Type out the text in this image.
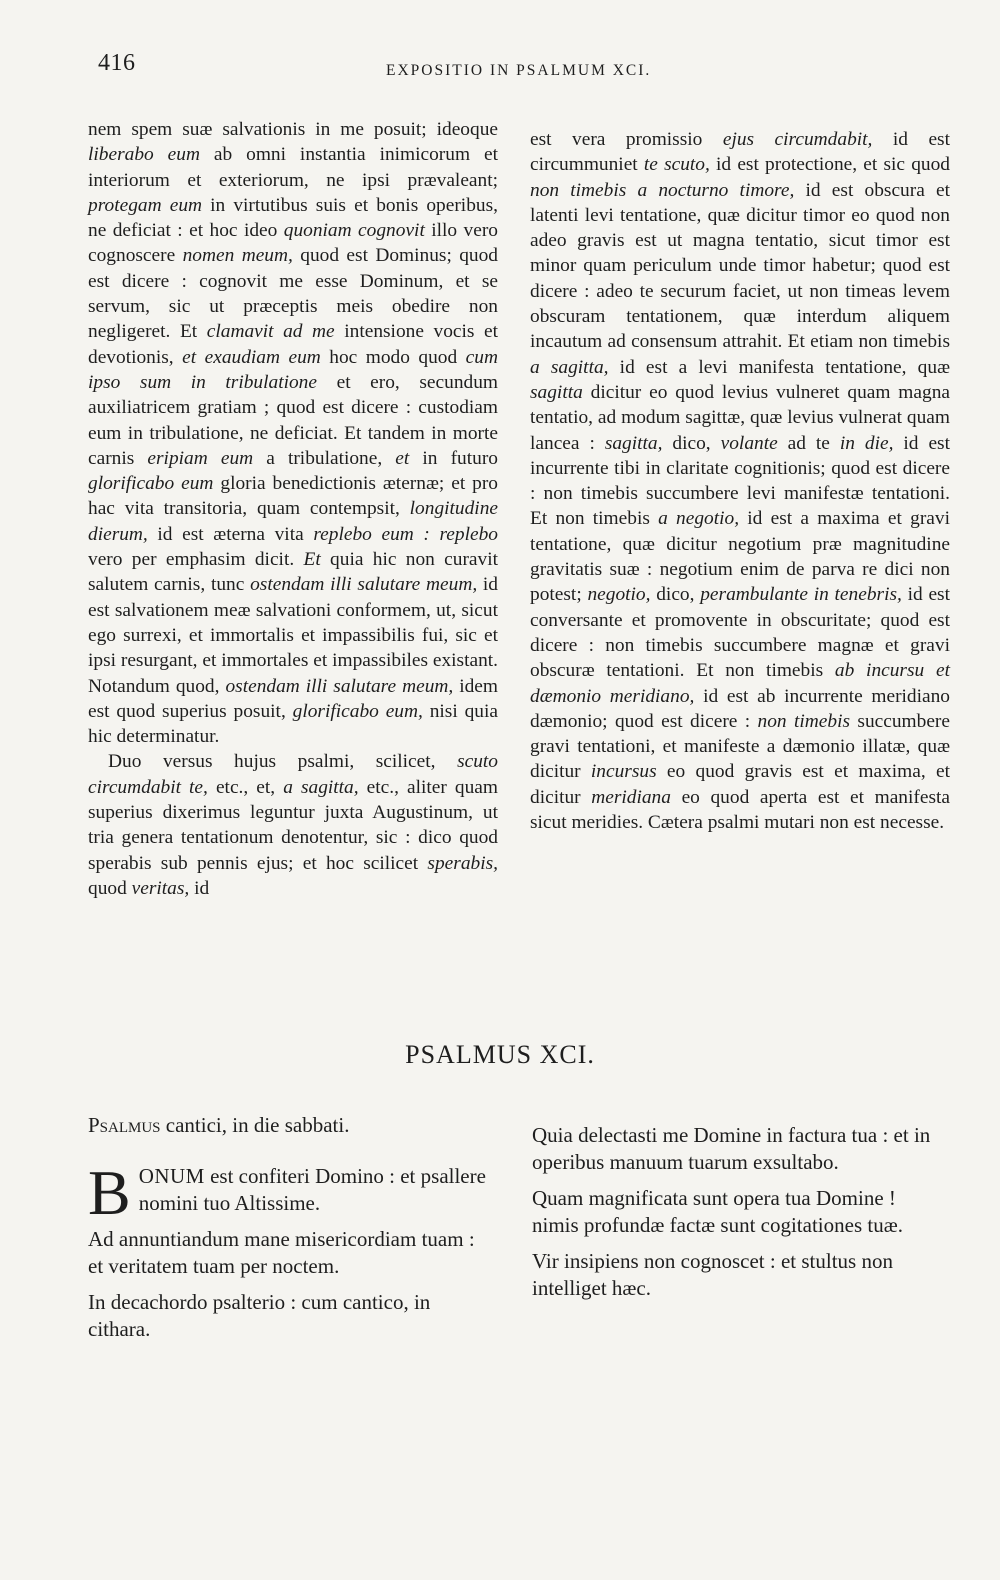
416	EXPOSITIO IN PSALMUM XCI.

nem spem suæ salvationis in me posuit; ideoque liberabo eum ab omni instantia inimicorum et interiorum et exteriorum, ne ipsi prævaleant; protegam eum in virtutibus suis et bonis operibus, ne deficiat : et hoc ideo quoniam cognovit illo vero cognoscere nomen meum, quod est Dominus; quod est dicere : cognovit me esse Dominum, et se servum, sic ut præceptis meis obedire non negligeret. Et clamavit ad me intensione vocis et devotionis, et exaudiam eum hoc modo quod cum ipso sum in tribulatione et ero, secundum auxiliatricem gratiam ; quod est dicere : custodiam eum in tribulatione, ne deficiat. Et tandem in morte carnis eripiam eum a tribulatione, et in futuro glorificabo eum gloria benedictionis æternæ; et pro hac vita transitoria, quam contempsit, longitudine dierum, id est æterna vita replebo eum : replebo vero per emphasim dicit. Et quia hic non curavit salutem carnis, tunc ostendam illi salutare meum, id est salvationem meæ salvationi conformem, ut, sicut ego surrexi, et immortalis et impassibilis fui, sic et ipsi resurgant, et immortales et impassibiles existant. Notandum quod, ostendam illi salutare meum, idem est quod superius posuit, glorificabo eum, nisi quia hic determinatur.

Duo versus hujus psalmi, scilicet, scuto circumdabit te, etc., et, a sagitta, etc., aliter quam superius dixerimus leguntur juxta Augustinum, ut tria genera tentationum denotentur, sic : dico quod sperabis sub pennis ejus; et hoc scilicet sperabis, quod veritas, id

est vera promissio ejus circumdabit, id est circummuniet te scuto, id est protectione, et sic quod non timebis a nocturno timore, id est obscura et latenti levi tentatione, quæ dicitur timor eo quod non adeo gravis est ut magna tentatio, sicut timor est minor quam periculum unde timor habetur; quod est dicere : adeo te securum faciet, ut non timeas levem obscuram tentationem, quæ interdum aliquem incautum ad consensum attrahit. Et etiam non timebis a sagitta, id est a levi manifesta tentatione, quæ sagitta dicitur eo quod levius vulneret quam magna tentatio, ad modum sagittæ, quæ levius vulnerat quam lancea : sagitta, dico, volante ad te in die, id est incurrente tibi in claritate cognitionis; quod est dicere : non timebis succumbere levi manifestæ tentationi. Et non timebis a negotio, id est a maxima et gravi tentatione, quæ dicitur negotium præ magnitudine gravitatis suæ : negotium enim de parva re dici non potest; negotio, dico, perambulante in tenebris, id est conversante et promovente in obscuritate; quod est dicere : non timebis succumbere magnæ et gravi obscuræ tentationi. Et non timebis ab incursu et dæmonio meridiano, id est ab incurrente meridiano dæmonio; quod est dicere : non timebis succumbere gravi tentationi, et manifeste a dæmonio illatæ, quæ dicitur incursus eo quod gravis est et maxima, et dicitur meridiana eo quod aperta est et manifesta sicut meridies. Cætera psalmi mutari non est necesse.

PSALMUS XCI.
Psalmus cantici, in die sabbati.

BONUM est confiteri Domino : et psallere nomini tuo Altissime.

Ad annuntiandum mane misericordiam tuam : et veritatem tuam per noctem.

In decachordo psalterio : cum cantico, in cithara.

Quia delectasti me Domine in factura tua : et in operibus manuum tuarum exsultabo.

Quam magnificata sunt opera tua Domine ! nimis profundæ factæ sunt cogitationes tuæ.

Vir insipiens non cognoscet : et stultus non intelliget hæc.
